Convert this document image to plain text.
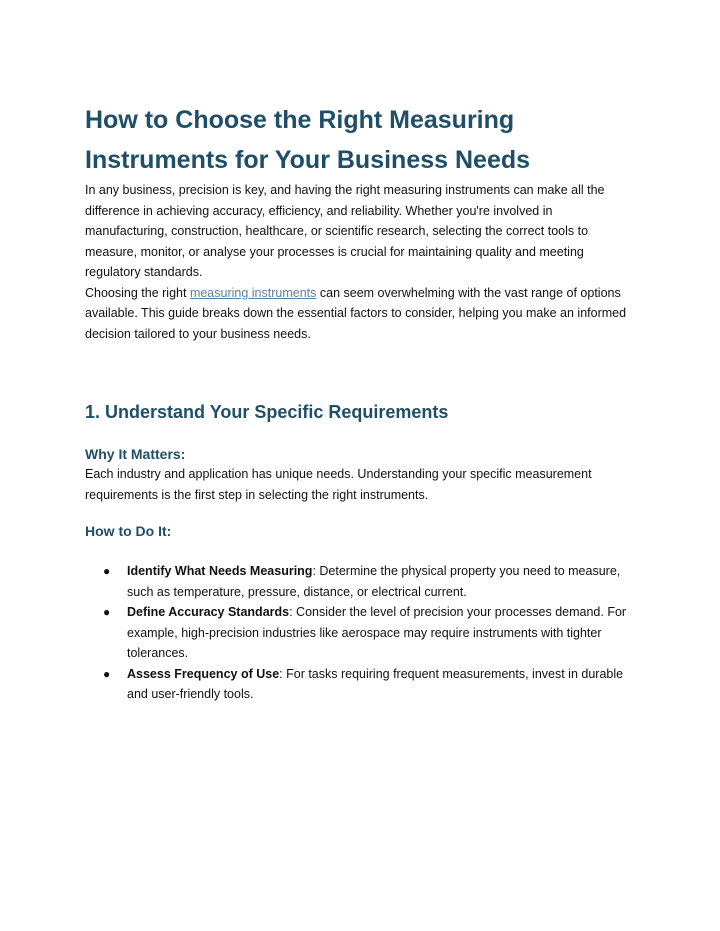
How to Choose the Right Measuring Instruments for Your Business Needs

In any business, precision is key, and having the right measuring instruments can make all the difference in achieving accuracy, efficiency, and reliability. Whether you're involved in manufacturing, construction, healthcare, or scientific research, selecting the correct tools to measure, monitor, or analyse your processes is crucial for maintaining quality and meeting regulatory standards.

Choosing the right measuring instruments can seem overwhelming with the vast range of options available. This guide breaks down the essential factors to consider, helping you make an informed decision tailored to your business needs.

1. Understand Your Specific Requirements
Why It Matters:

Each industry and application has unique needs. Understanding your specific measurement requirements is the first step in selecting the right instruments.

How to Do It:
● Identify What Needs Measuring: Determine the physical property you need to measure, such as temperature, pressure, distance, or electrical current.
● Define Accuracy Standards: Consider the level of precision your processes demand. For example, high-precision industries like aerospace may require instruments with tighter tolerances.
● Assess Frequency of Use: For tasks requiring frequent measurements, invest in durable and user-friendly tools.
